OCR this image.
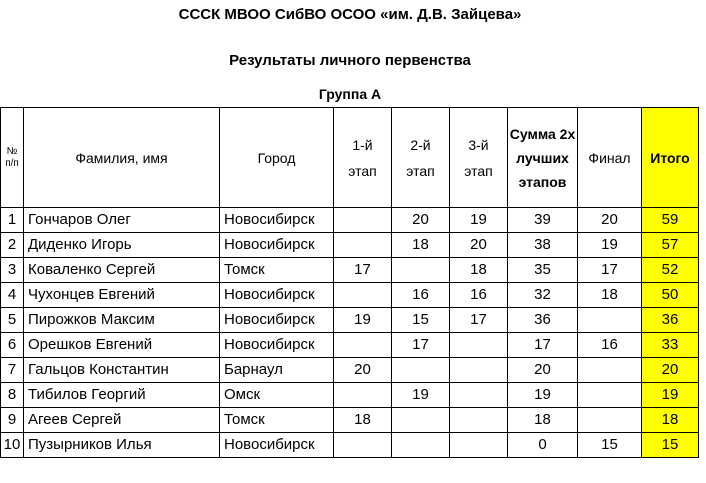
СССК МВОО СибВО ОСОО «им. Д.В. Зайцева»
Результаты личного первенства
Группа А
№ п/п	Фамилия, имя	Город	1-й этап	2-й этап	3-й этап	Сумма 2х лучших этапов	Финал	Итого
1	Гончаров Олег	Новосибирск		20	19	39	20	59
2	Диденко Игорь	Новосибирск		18	20	38	19	57
3	Коваленко Сергей	Томск	17		18	35	17	52
4	Чухонцев Евгений	Новосибирск		16	16	32	18	50
5	Пирожков Максим	Новосибирск	19	15	17	36		36
6	Орешков Евгений	Новосибирск		17		17	16	33
7	Гальцов Константин	Барнаул	20			20		20
8	Тибилов Георгий	Омск		19		19		19
9	Агеев Сергей	Томск	18			18		18
10	Пузырников Илья	Новосибирск				0	15	15
